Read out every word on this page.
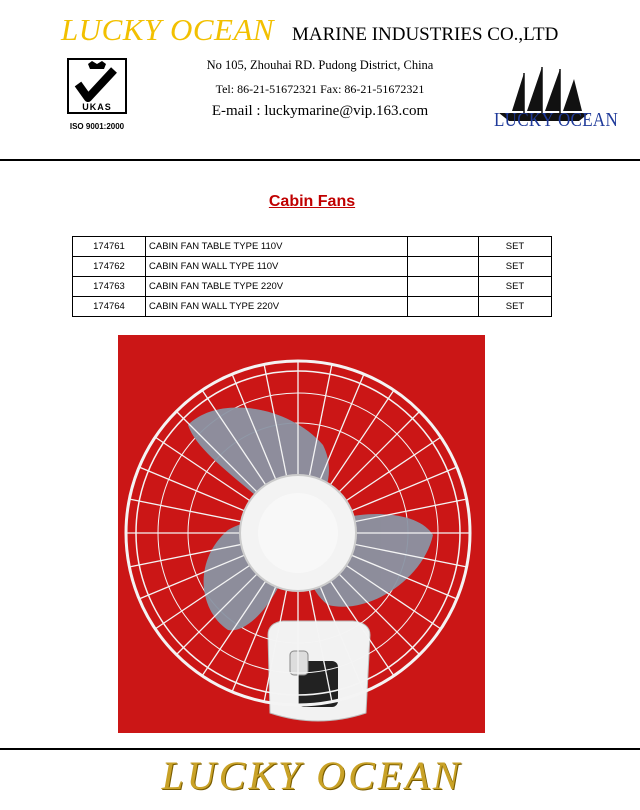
LUCKY OCEAN MARINE INDUSTRIES CO.,LTD
No 105, Zhouhai RD. Pudong District, China
Tel: 86-21-51672321 Fax: 86-21-51672321
E-mail : luckymarine@vip.163.com
UKAS
ISO 9001:2000	LUCKY OCEAN
Cabin Fans
174761	CABIN FAN TABLE TYPE 110V		SET
174762	CABIN FAN WALL TYPE 110V		SET
174763	CABIN FAN TABLE TYPE 220V		SET
174764	CABIN FAN WALL TYPE 220V		SET
LUCKY OCEAN
